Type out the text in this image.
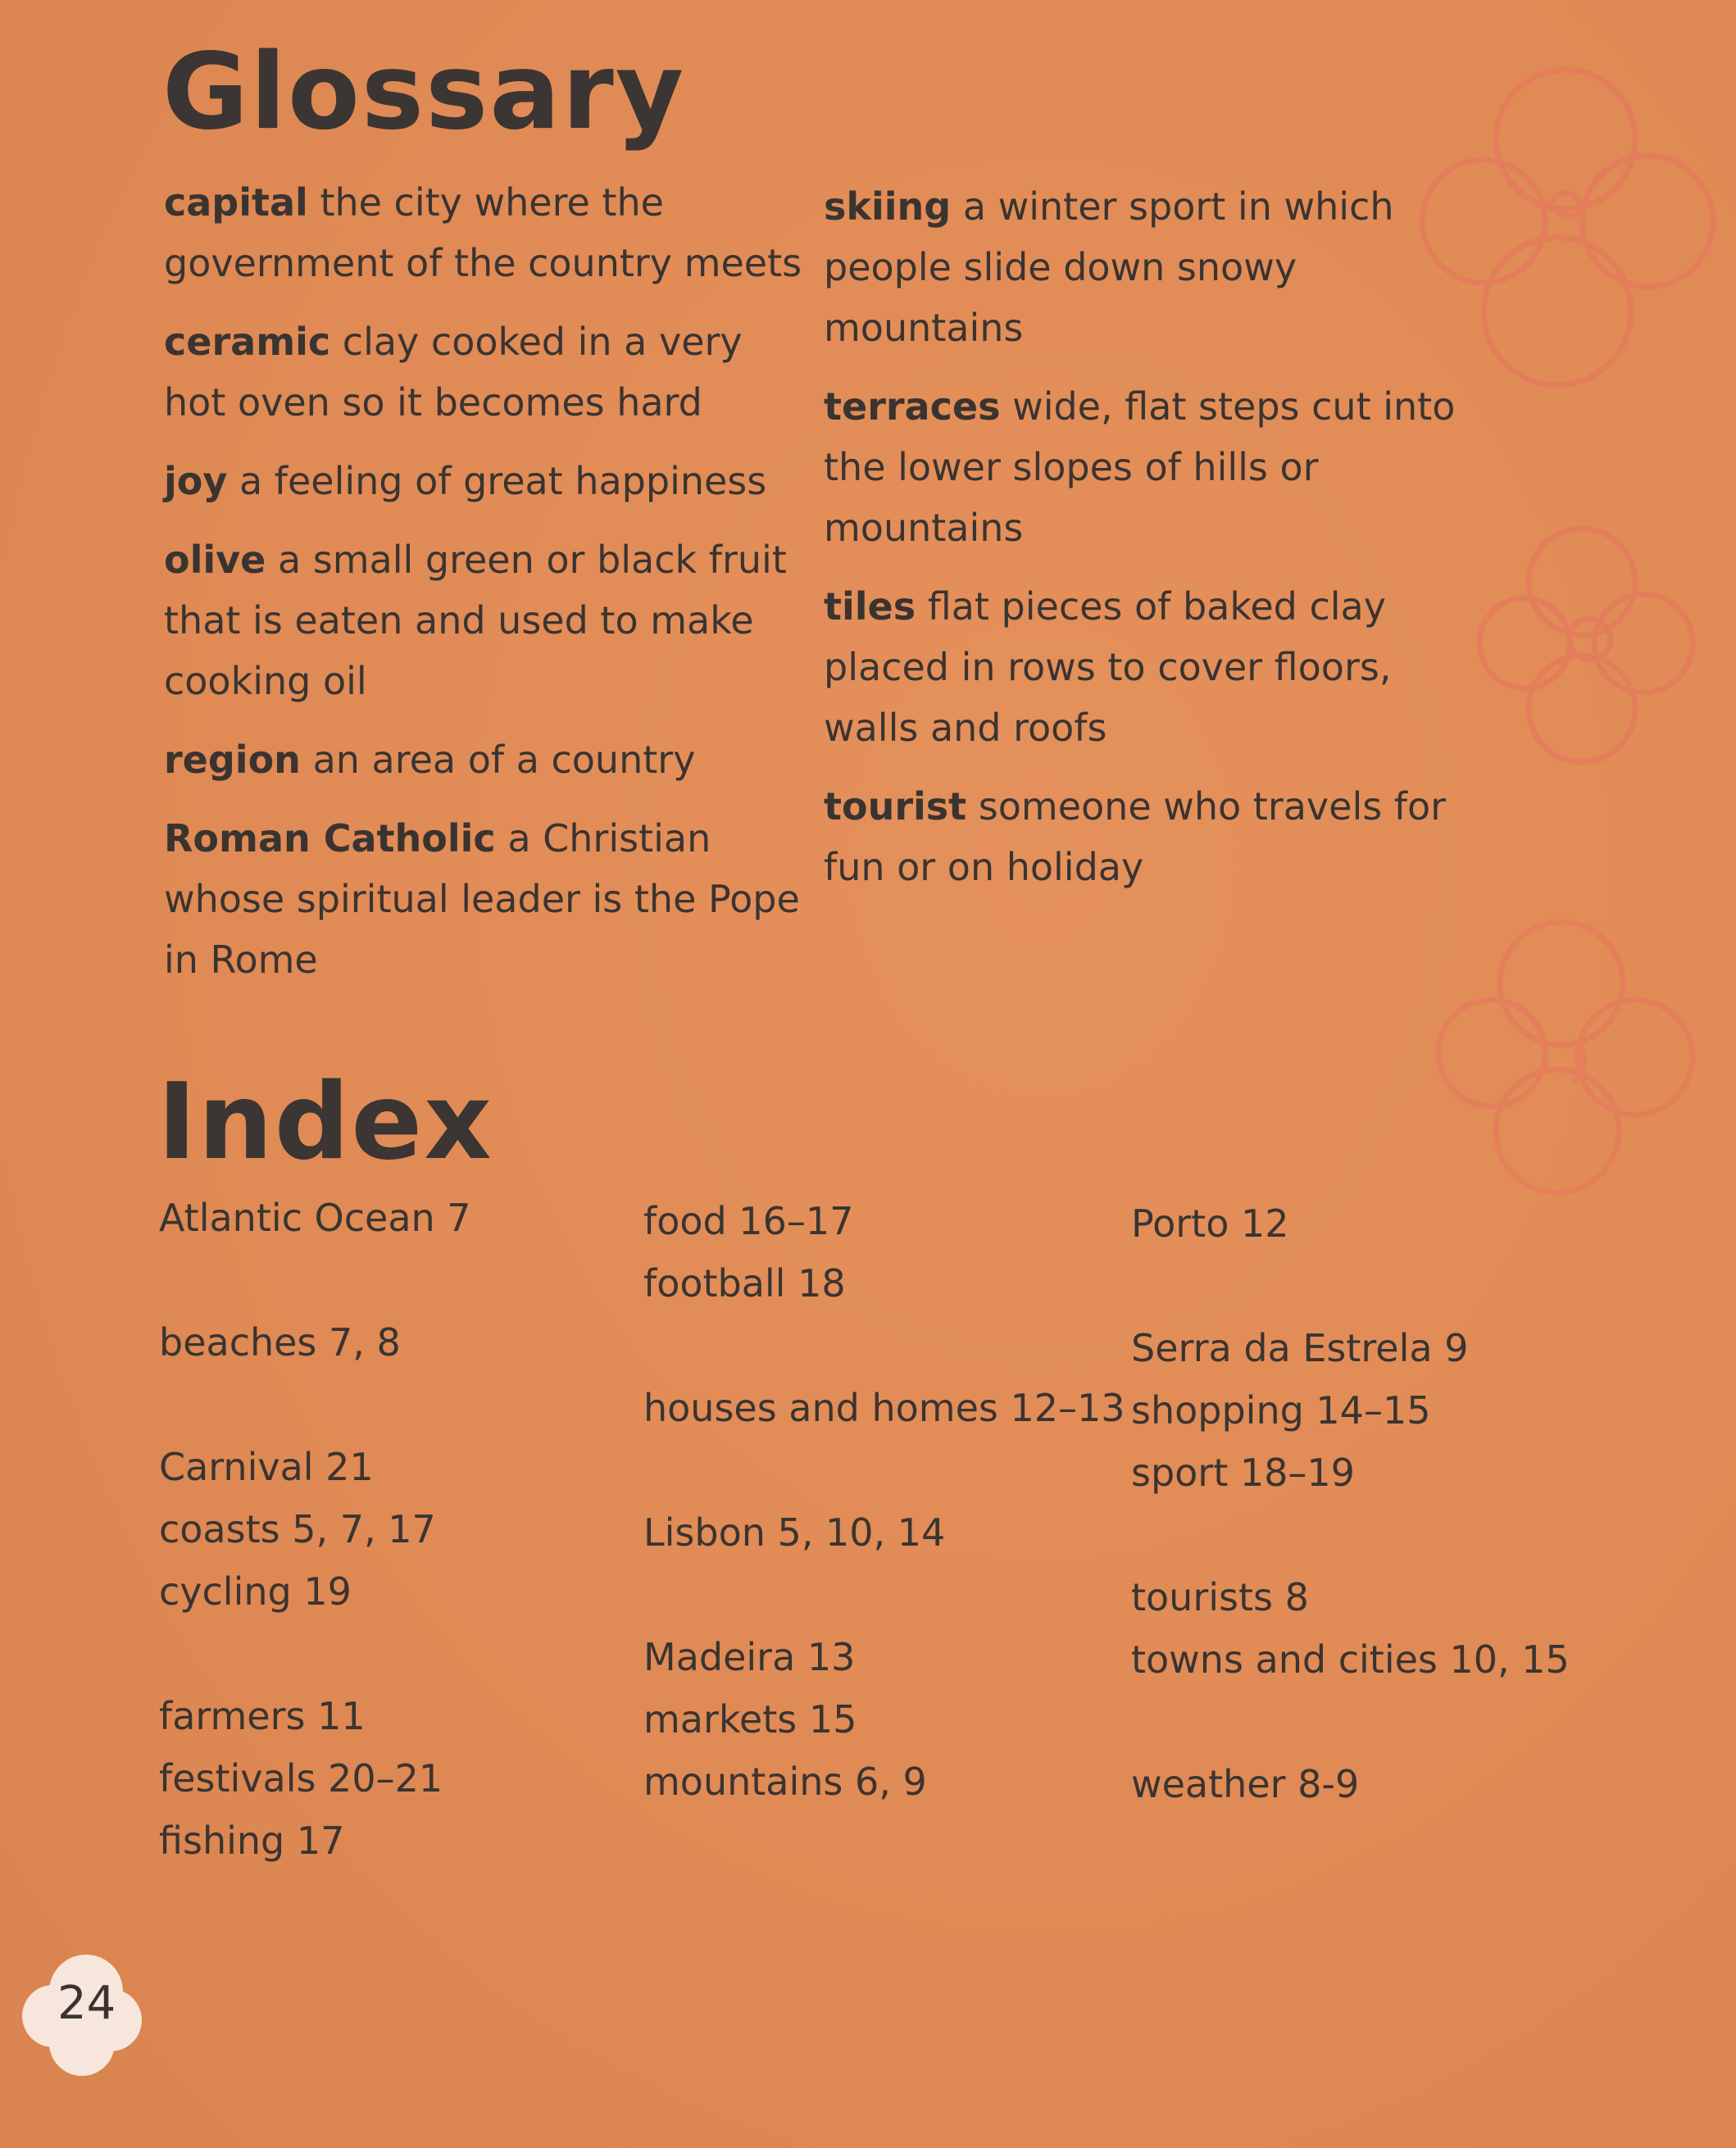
Glossary
capital the city where the government of the country meets
ceramic clay cooked in a very hot oven so it becomes hard
joy a feeling of great happiness
olive a small green or black fruit that is eaten and used to make cooking oil
region an area of a country
Roman Catholic a Christian whose spiritual leader is the Pope in Rome
skiing a winter sport in which people slide down snowy mountains
terraces wide, flat steps cut into the lower slopes of hills or mountains
tiles flat pieces of baked clay placed in rows to cover floors, walls and roofs
tourist someone who travels for fun or on holiday
Index
Atlantic Ocean 7
beaches 7, 8
Carnival 21
coasts 5, 7, 17
cycling 19
farmers 11
festivals 20–21
fishing 17
food 16–17
football 18
houses and homes 12–13
Lisbon 5, 10, 14
Madeira 13
markets 15
mountains 6, 9
Porto 12
Serra da Estrela 9
shopping 14–15
sport 18–19
tourists 8
towns and cities 10, 15
weather 8-9
24
